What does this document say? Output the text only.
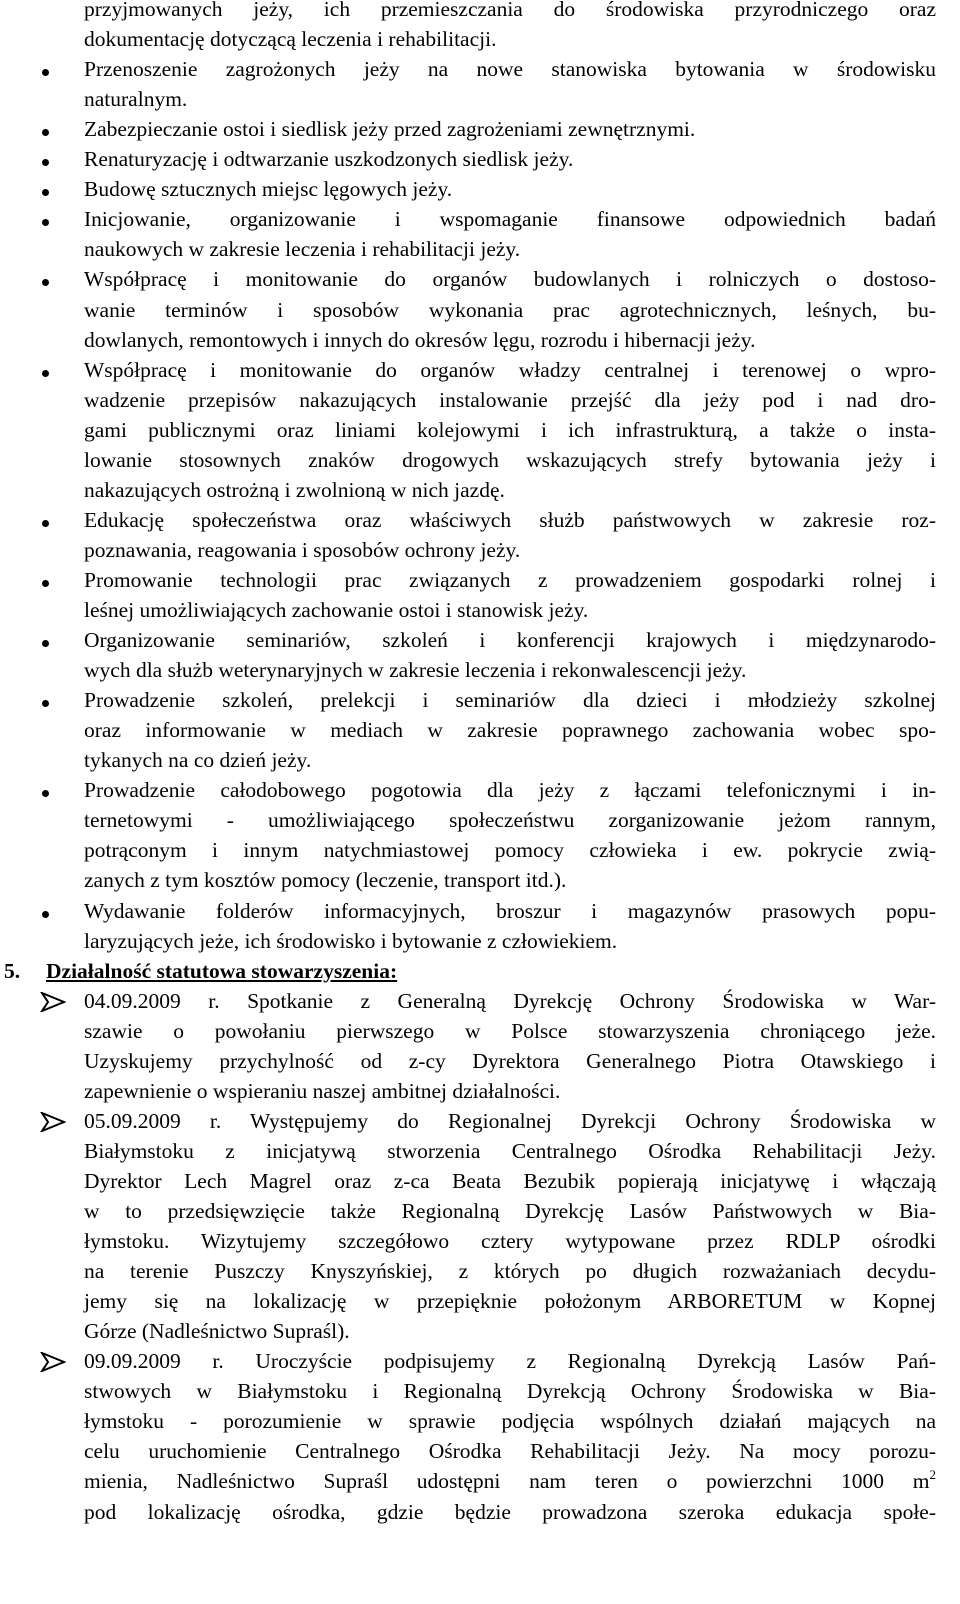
przyjmowanych jeży, ich przemieszczania do środowiska przyrodniczego oraz
dokumentację dotyczącą leczenia i rehabilitacji.
Przenoszenie zagrożonych jeży na nowe stanowiska bytowania w środowisku
naturalnym.
Zabezpieczanie ostoi i siedlisk jeży przed zagrożeniami zewnętrznymi.
Renaturyzację i odtwarzanie uszkodzonych siedlisk jeży.
Budowę sztucznych miejsc lęgowych jeży.
Inicjowanie, organizowanie i wspomaganie finansowe odpowiednich badań
naukowych w zakresie leczenia i rehabilitacji jeży.
Współpracę i monitowanie do organów budowlanych i rolniczych o dostoso-
wanie terminów i sposobów wykonania prac agrotechnicznych, leśnych, bu-
dowlanych, remontowych i innych do okresów lęgu, rozrodu i hibernacji jeży.
Współpracę i monitowanie do organów władzy centralnej i terenowej o wpro-
wadzenie przepisów nakazujących instalowanie przejść dla jeży pod i nad dro-
gami publicznymi oraz liniami kolejowymi i ich infrastrukturą, a także o insta-
lowanie stosownych znaków drogowych wskazujących strefy bytowania jeży i
nakazujących ostrożną i zwolnioną w nich jazdę.
Edukację społeczeństwa oraz właściwych służb państwowych w zakresie roz-
poznawania, reagowania i sposobów ochrony jeży.
Promowanie technologii prac związanych z prowadzeniem gospodarki rolnej i
leśnej umożliwiających zachowanie ostoi i stanowisk jeży.
Organizowanie seminariów, szkoleń i konferencji krajowych i międzynarodo-
wych dla służb weterynaryjnych w zakresie leczenia i rekonwalescencji jeży.
Prowadzenie szkoleń, prelekcji i seminariów dla dzieci i młodzieży szkolnej
oraz informowanie w mediach w zakresie poprawnego zachowania wobec spo-
tykanych na co dzień jeży.
Prowadzenie całodobowego pogotowia dla jeży z łączami telefonicznymi i in-
ternetowymi - umożliwiającego społeczeństwu zorganizowanie jeżom rannym,
potrąconym i innym natychmiastowej pomocy człowieka i ew. pokrycie zwią-
zanych z tym kosztów pomocy (leczenie, transport itd.).
Wydawanie folderów informacyjnych, broszur i magazynów prasowych popu-
laryzujących jeże, ich środowisko i bytowanie z człowiekiem.
5. Działalność statutowa stowarzyszenia:
04.09.2009 r. Spotkanie z Generalną Dyrekcję Ochrony Środowiska w War-
szawie o powołaniu pierwszego w Polsce stowarzyszenia chroniącego jeże.
Uzyskujemy przychylność od z-cy Dyrektora Generalnego Piotra Otawskiego i
zapewnienie o wspieraniu naszej ambitnej działalności.
05.09.2009 r. Występujemy do Regionalnej Dyrekcji Ochrony Środowiska w
Białymstoku z inicjatywą stworzenia Centralnego Ośrodka Rehabilitacji Jeży.
Dyrektor Lech Magrel oraz z-ca Beata Bezubik popierają inicjatywę i włączają
w to przedsięwzięcie także Regionalną Dyrekcję Lasów Państwowych w Bia-
łymstoku. Wizytujemy szczegółowo cztery wytypowane przez RDLP ośrodki
na terenie Puszczy Knyszyńskiej, z których po długich rozważaniach decydu-
jemy się na lokalizację w przepięknie położonym ARBORETUM w Kopnej
Górze (Nadleśnictwo Supraśl).
09.09.2009 r. Uroczyście podpisujemy z Regionalną Dyrekcją Lasów Pań-
stwowych w Białymstoku i Regionalną Dyrekcją Ochrony Środowiska w Bia-
łymstoku - porozumienie w sprawie podjęcia wspólnych działań mających na
celu uruchomienie Centralnego Ośrodka Rehabilitacji Jeży. Na mocy porozu-
mienia, Nadleśnictwo Supraśl udostępni nam teren o powierzchni 1000 $m^2$
pod lokalizację ośrodka, gdzie będzie prowadzona szeroka edukacja społe-
